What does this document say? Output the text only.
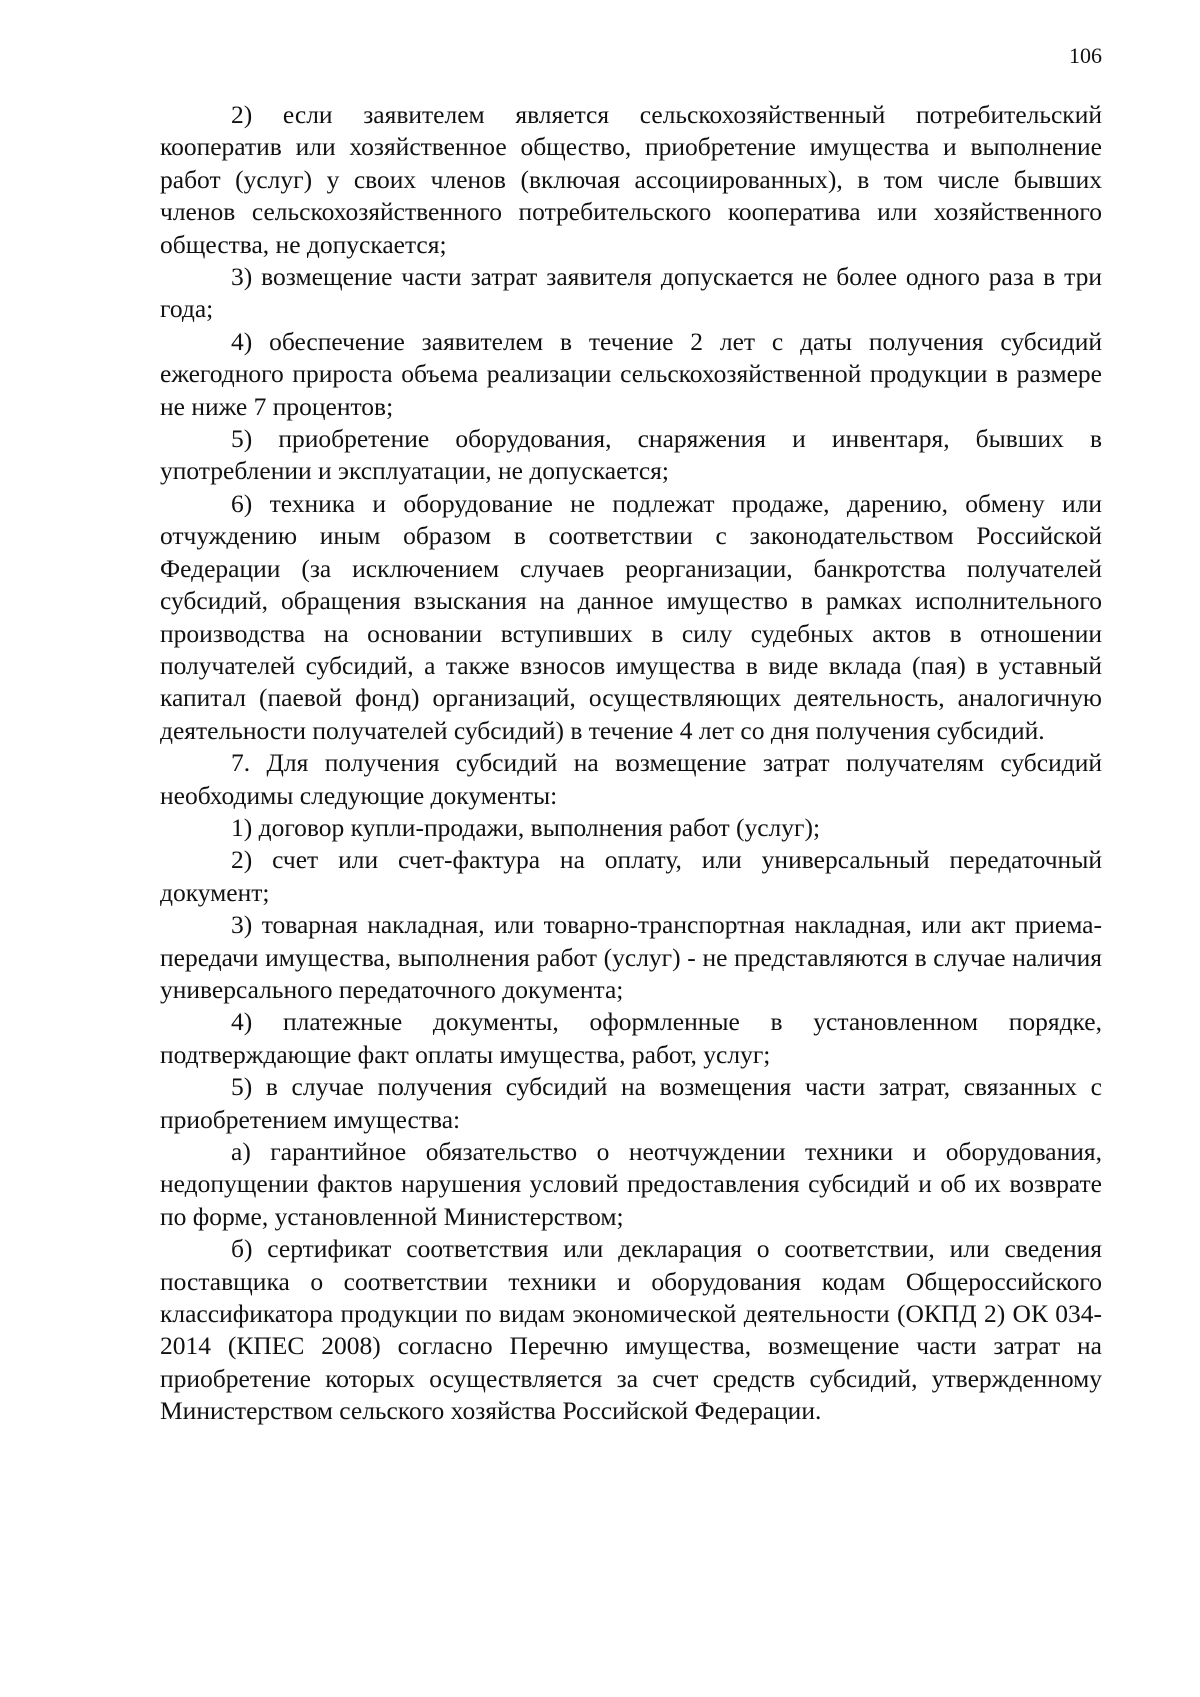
106

2) если заявителем является сельскохозяйственный потребительский кооператив или хозяйственное общество, приобретение имущества и выполнение работ (услуг) у своих членов (включая ассоциированных), в том числе бывших членов сельскохозяйственного потребительского кооператива или хозяйственного общества, не допускается;

3) возмещение части затрат заявителя допускается не более одного раза в три года;

4) обеспечение заявителем в течение 2 лет с даты получения субсидий ежегодного прироста объема реализации сельскохозяйственной продукции в размере не ниже 7 процентов;

5) приобретение оборудования, снаряжения и инвентаря, бывших в употреблении и эксплуатации, не допускается;

6) техника и оборудование не подлежат продаже, дарению, обмену или отчуждению иным образом в соответствии с законодательством Российской Федерации (за исключением случаев реорганизации, банкротства получателей субсидий, обращения взыскания на данное имущество в рамках исполнительного производства на основании вступивших в силу судебных актов в отношении получателей субсидий, а также взносов имущества в виде вклада (пая) в уставный капитал (паевой фонд) организаций, осуществляющих деятельность, аналогичную деятельности получателей субсидий) в течение 4 лет со дня получения субсидий.

7. Для получения субсидий на возмещение затрат получателям субсидий необходимы следующие документы:

1) договор купли-продажи, выполнения работ (услуг);

2) счет или счет-фактура на оплату, или универсальный передаточный документ;

3) товарная накладная, или товарно-транспортная накладная, или акт приема-передачи имущества, выполнения работ (услуг) - не представляются в случае наличия универсального передаточного документа;

4) платежные документы, оформленные в установленном порядке, подтверждающие факт оплаты имущества, работ, услуг;

5) в случае получения субсидий на возмещения части затрат, связанных с приобретением имущества:

а) гарантийное обязательство о неотчуждении техники и оборудования, недопущении фактов нарушения условий предоставления субсидий и об их возврате по форме, установленной Министерством;

б) сертификат соответствия или декларация о соответствии, или сведения поставщика о соответствии техники и оборудования кодам Общероссийского классификатора продукции по видам экономической деятельности (ОКПД 2) ОК 034-2014 (КПЕС 2008) согласно Перечню имущества, возмещение части затрат на приобретение которых осуществляется за счет средств субсидий, утвержденному Министерством сельского хозяйства Российской Федерации.
